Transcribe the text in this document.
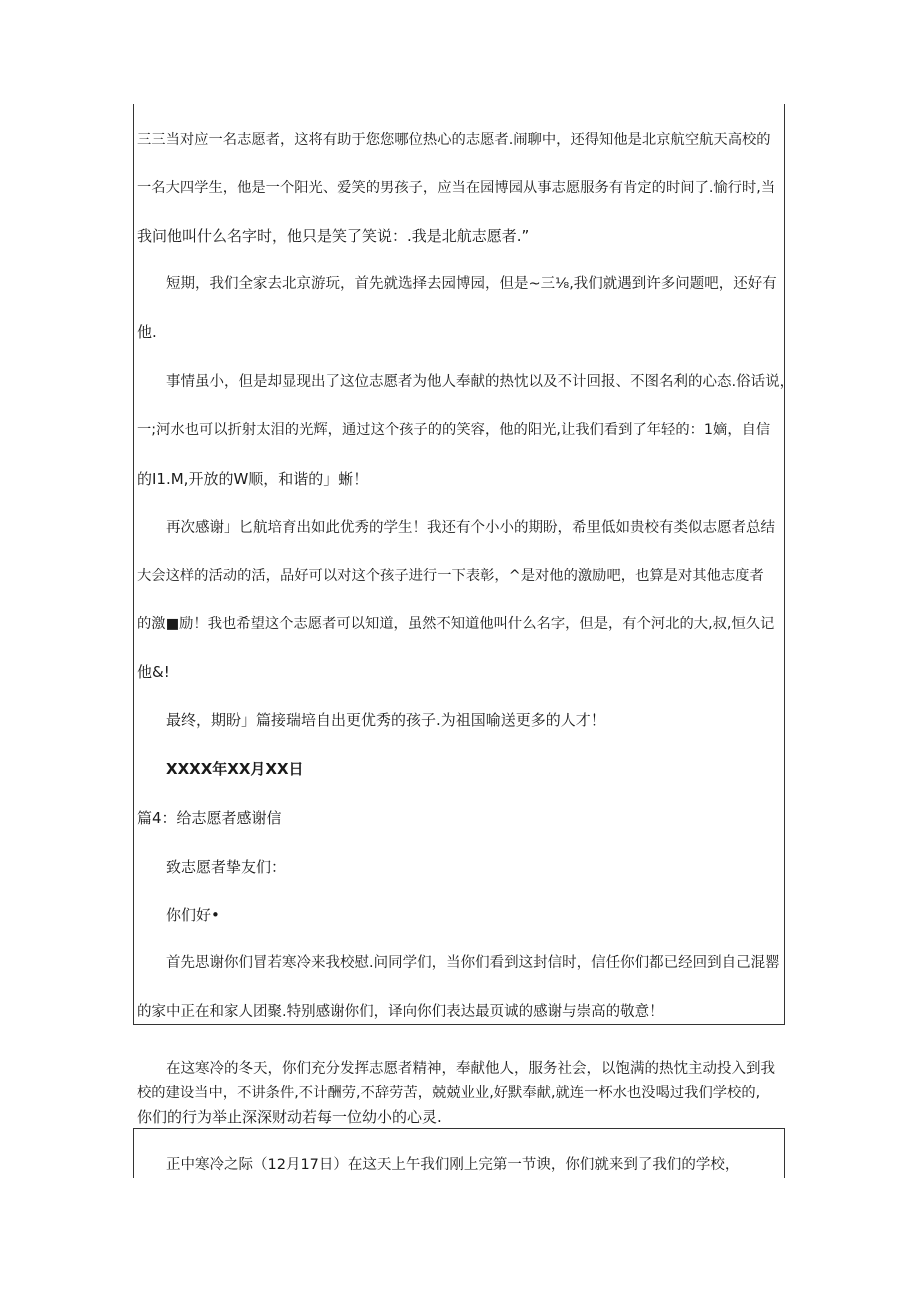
三三当对应一名志愿者，这将有助于您您哪位热心的志愿者.闹聊中，还得知他是北京航空航天高校的
一名大四学生，他是一个阳光、爱笑的男孩子，应当在园博园从事志愿服务有肯定的时间了.愉行时,当
我问他叫什么名字时，他只是笑了笑说：.我是北航志愿者.”
短期，我们全家去北京游玩，首先就选择去园博园，但是~三⅛,我们就遇到许多问题吧，还好有
他.
事情虽小，但是却显现出了这位志愿者为他人奉献的热忱以及不计回报、不图名利的心态.俗话说，
一;河水也可以折射太泪的光辉，通过这个孩子的的笑容，他的阳光,让我们看到了年轻的：1嫡，自信
的I1.M,开放的W顺，和谐的」蜥！
再次感谢」匕航培育出如此优秀的学生！我还有个小小的期盼，希里低如贵校有类似志愿者总结
大会这样的活动的活，品好可以对这个孩子进行一下表彰，^是对他的激励吧，也算是对其他志度者
的激■励！我也希望这个志愿者可以知道，虽然不知道他叫什么名字，但是，有个河北的大,叔,恒久记
他&!
最终，期盼」篇接瑞培自出更优秀的孩子.为祖国喻送更多的人才！
XXXX年XX月XX日
篇4：给志愿者感谢信
致志愿者挚友们：
你们好•
首先思谢你们冒若寒冷来我校慰.问同学们，当你们看到这封信时，信任你们都已经回到自己混罂
的家中正在和家人团聚.特别感谢你们，译向你们表达最页诚的感谢与崇高的敬意！
在这寒冷的冬天，你们充分发挥志愿者精神，奉献他人，服务社会，以饱满的热忱主动投入到我
校的建设当中，不讲条件,不计酬劳,不辞劳苦，兢兢业业,好默奉献,就连一杯水也没喝过我们学校的,
你们的行为举止深深财动若每一位幼小的心灵.
正中寒冷之际（12月17日）在这天上午我们刚上完第一节谀，你们就来到了我们的学校，
